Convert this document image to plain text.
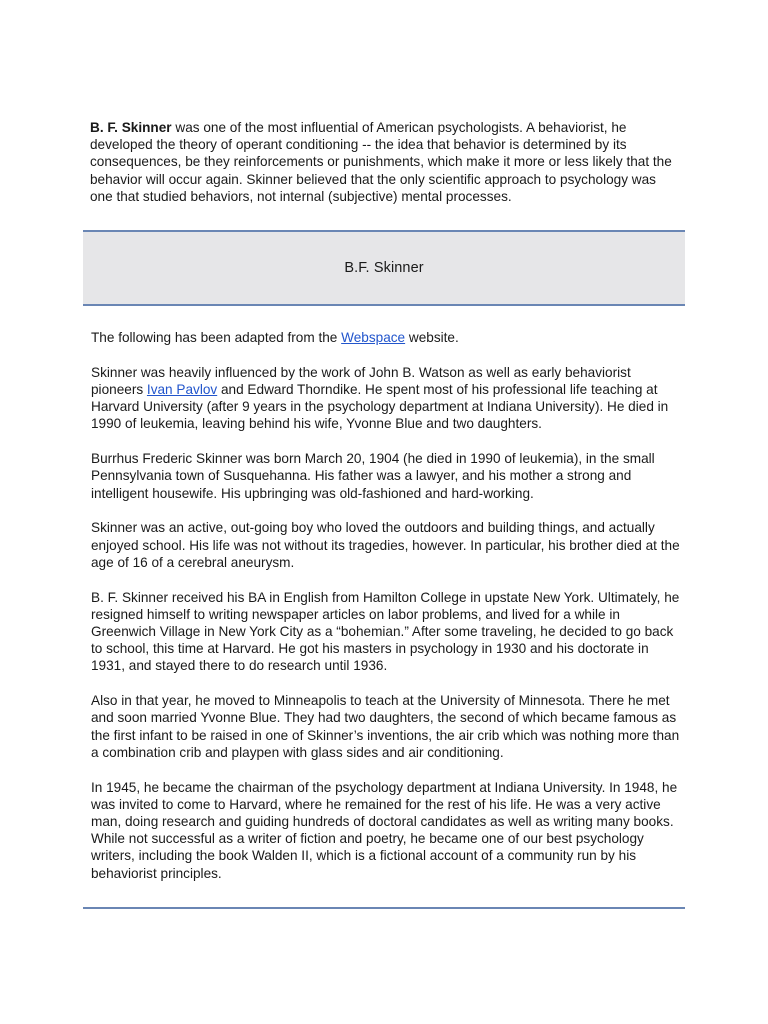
B. F. Skinner was one of the most influential of American psychologists. A behaviorist, he developed the theory of operant conditioning -- the idea that behavior is determined by its consequences, be they reinforcements or punishments, which make it more or less likely that the behavior will occur again. Skinner believed that the only scientific approach to psychology was one that studied behaviors, not internal (subjective) mental processes.
B.F. Skinner

The following has been adapted from the Webspace website.

Skinner was heavily influenced by the work of John B. Watson as well as early behaviorist pioneers Ivan Pavlov and Edward Thorndike. He spent most of his professional life teaching at Harvard University (after 9 years in the psychology department at Indiana University). He died in 1990 of leukemia, leaving behind his wife, Yvonne Blue and two daughters.

Burrhus Frederic Skinner was born March 20, 1904 (he died in 1990 of leukemia), in the small Pennsylvania town of Susquehanna. His father was a lawyer, and his mother a strong and intelligent housewife. His upbringing was old-fashioned and hard-working.

Skinner was an active, out-going boy who loved the outdoors and building things, and actually enjoyed school. His life was not without its tragedies, however. In particular, his brother died at the age of 16 of a cerebral aneurysm.

B. F. Skinner received his BA in English from Hamilton College in upstate New York. Ultimately, he resigned himself to writing newspaper articles on labor problems, and lived for a while in Greenwich Village in New York City as a “bohemian.” After some traveling, he decided to go back to school, this time at Harvard. He got his masters in psychology in 1930 and his doctorate in 1931, and stayed there to do research until 1936.

Also in that year, he moved to Minneapolis to teach at the University of Minnesota. There he met and soon married Yvonne Blue. They had two daughters, the second of which became famous as the first infant to be raised in one of Skinner’s inventions, the air crib which was nothing more than a combination crib and playpen with glass sides and air conditioning.

In 1945, he became the chairman of the psychology department at Indiana University. In 1948, he was invited to come to Harvard, where he remained for the rest of his life. He was a very active man, doing research and guiding hundreds of doctoral candidates as well as writing many books. While not successful as a writer of fiction and poetry, he became one of our best psychology writers, including the book Walden II, which is a fictional account of a community run by his behaviorist principles.
